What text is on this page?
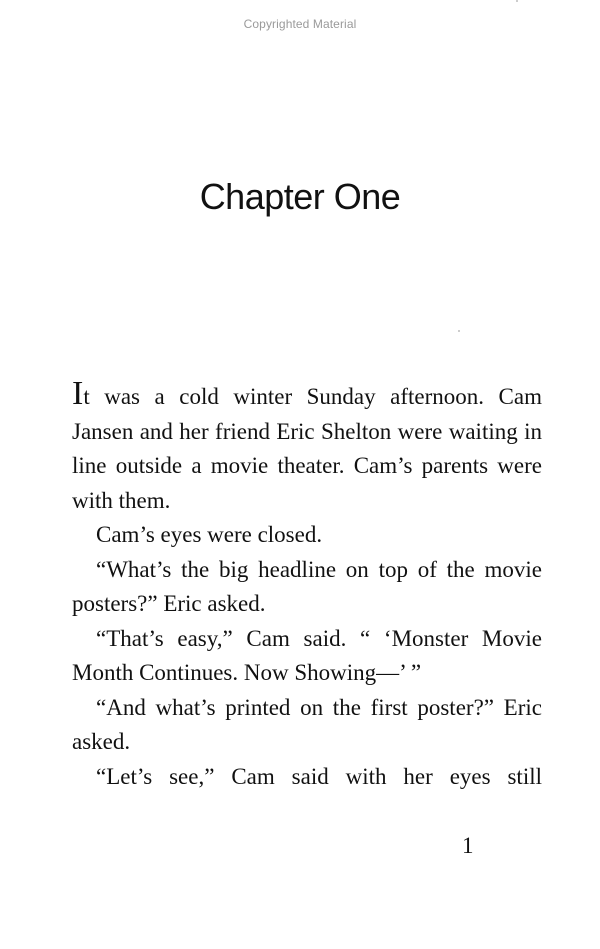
Copyrighted Material
Chapter One

It was a cold winter Sunday afternoon. Cam Jansen and her friend Eric Shelton were waiting in line outside a movie theater. Cam’s parents were with them.

Cam’s eyes were closed.

“What’s the big headline on top of the movie posters?” Eric asked.

“That’s easy,” Cam said. “ ‘Monster Movie Month Continues. Now Showing—’ ”

“And what’s printed on the first poster?” Eric asked.

“Let’s see,” Cam said with her eyes still

1
